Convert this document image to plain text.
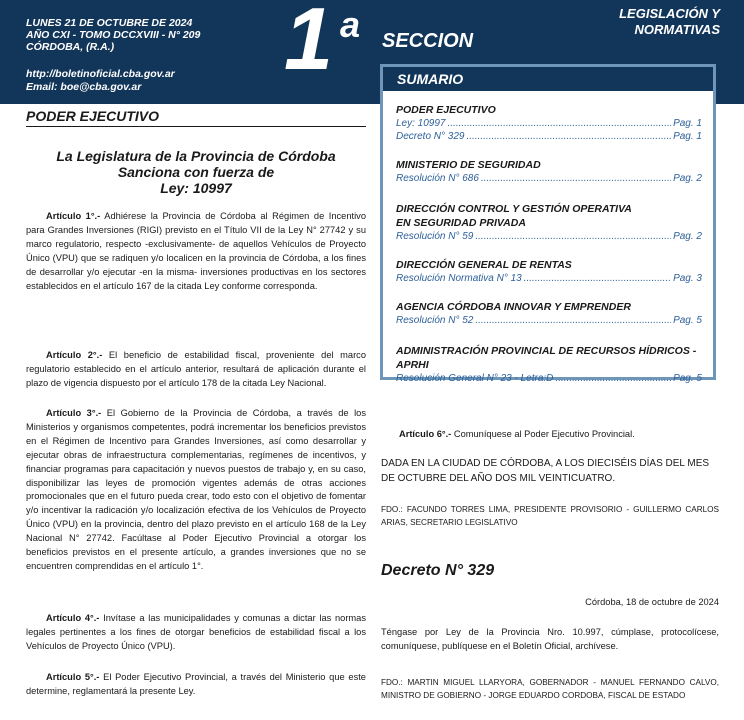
LUNES 21 DE OCTUBRE DE 2024
AÑO CXI - TOMO DCCXVIII - N° 209
CÓRDOBA, (R.A.)
http://boletinoficial.cba.gov.ar
Email: boe@cba.gov.ar	1 a SECCION
LEGISLACIÓN Y
NORMATIVAS
SUMARIO
PODER EJECUTIVO
Ley: 10997 .....	Pag. 1
Decreto N° 329 .....	Pag. 1
MINISTERIO DE SEGURIDAD
Resolución N° 686 .....	Pag. 2
DIRECCIÓN CONTROL Y GESTIÓN OPERATIVA
EN SEGURIDAD PRIVADA
Resolución N° 59 .....	Pag. 2
DIRECCIÓN GENERAL DE RENTAS
Resolución Normativa N° 13 .....	Pag. 3
AGENCIA CÓRDOBA INNOVAR Y EMPRENDER
Resolución N° 52 .....	Pag. 5
ADMINISTRACIÓN PROVINCIAL DE RECURSOS HÍDRICOS - APRHI
Resolución General N° 23 - Letra:D .....	Pag. 5
PODER EJECUTIVO
La Legislatura de la Provincia de Córdoba
Sanciona con fuerza de
Ley: 10997
Artículo 1°.- Adhiérese la Provincia de Córdoba al Régimen de Incentivo para Grandes Inversiones (RIGI) previsto en el Título VII de la Ley N° 27742 y su marco regulatorio, respecto -exclusivamente- de aquellos Vehículos de Proyecto Único (VPU) que se radiquen y/o localicen en la provincia de Córdoba, a los fines de desarrollar y/o ejecutar -en la misma- inversiones productivas en los sectores establecidos en el artículo 167 de la citada Ley conforme corresponda.
Artículo 2°.- El beneficio de estabilidad fiscal, proveniente del marco regulatorio establecido en el artículo anterior, resultará de aplicación durante el plazo de vigencia dispuesto por el artículo 178 de la citada Ley Nacional.
Artículo 3°.- El Gobierno de la Provincia de Córdoba, a través de los Ministerios y organismos competentes, podrá incrementar los beneficios previstos en el Régimen de Incentivo para Grandes Inversiones, así como desarrollar y ejecutar obras de infraestructura complementarias, regímenes de incentivos, y financiar programas para capacitación y nuevos puestos de trabajo y, en su caso, disponibilizar las leyes de promoción vigentes además de otras acciones promocionales que en el futuro pueda crear, todo esto con el objetivo de fomentar y/o incentivar la radicación y/o localización efectiva de los Vehículos de Proyecto Único (VPU) en la provincia, dentro del plazo previsto en el artículo 168 de la Ley Nacional N° 27742. Facúltase al Poder Ejecutivo Provincial a otorgar los beneficios previstos en el presente artículo, a grandes inversiones que no se encuentren comprendidas en el artículo 1°.
Artículo 4°.- Invítase a las municipalidades y comunas a dictar las normas legales pertinentes a los fines de otorgar beneficios de estabilidad fiscal a los Vehículos de Proyecto Único (VPU).
Artículo 5°.- El Poder Ejecutivo Provincial, a través del Ministerio que este determine, reglamentará la presente Ley.
Artículo 6°.- Comuníquese al Poder Ejecutivo Provincial.
DADA EN LA CIUDAD DE CÓRDOBA, A LOS DIECISÉIS DÍAS DEL MES DE OCTUBRE DEL AÑO DOS MIL VEINTICUATRO.
FDO.: FACUNDO TORRES LIMA, PRESIDENTE PROVISORIO - GUILLERMO CARLOS ARIAS, SECRETARIO LEGISLATIVO
Decreto N° 329
Córdoba, 18 de octubre de 2024
Téngase por Ley de la Provincia Nro. 10.997, cúmplase, protocolícese, comuníquese, publíquese en el Boletín Oficial, archívese.
FDO.: MARTIN MIGUEL LLARYORA, GOBERNADOR - MANUEL FERNANDO CALVO, MINISTRO DE GOBIERNO - JORGE EDUARDO CORDOBA, FISCAL DE ESTADO
